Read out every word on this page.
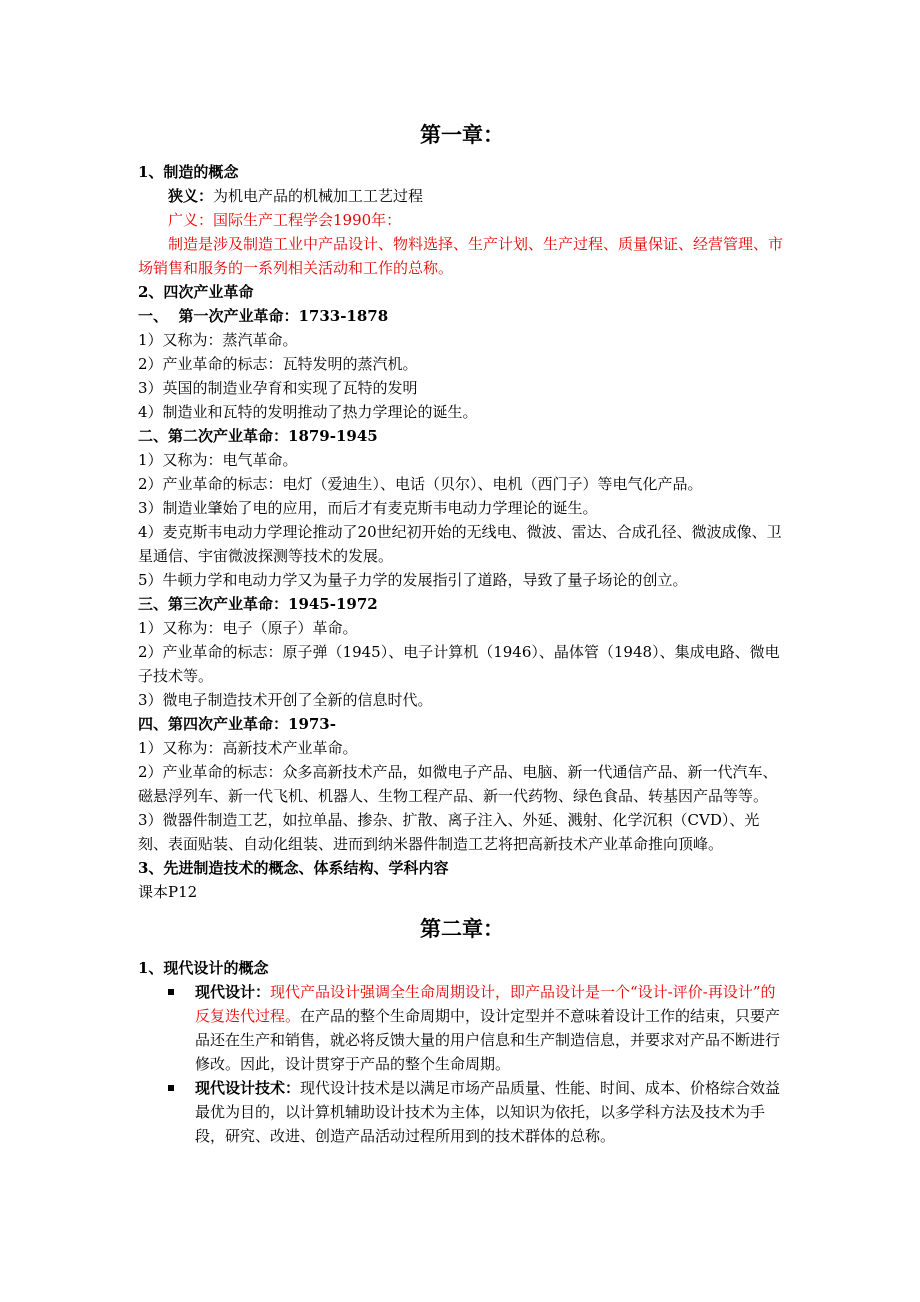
第一章：

1、制造的概念

狭义：为机电产品的机械加工工艺过程

广义：国际生产工程学会1990年：

制造是涉及制造工业中产品设计、物料选择、生产计划、生产过程、质量保证、经营管理、市场销售和服务的一系列相关活动和工作的总称。

2、四次产业革命

一、  第一次产业革命：1733-1878

1）又称为：蒸汽革命。

2）产业革命的标志：瓦特发明的蒸汽机。

3）英国的制造业孕育和实现了瓦特的发明

4）制造业和瓦特的发明推动了热力学理论的诞生。

二、第二次产业革命：1879-1945

1）又称为：电气革命。

2）产业革命的标志：电灯（爱迪生）、电话（贝尔）、电机（西门子）等电气化产品。

3）制造业肇始了电的应用，而后才有麦克斯韦电动力学理论的诞生。

4）麦克斯韦电动力学理论推动了20世纪初开始的无线电、微波、雷达、合成孔径、微波成像、卫星通信、宇宙微波探测等技术的发展。

5）牛顿力学和电动力学又为量子力学的发展指引了道路，导致了量子场论的创立。

三、第三次产业革命：1945-1972

1）又称为：电子（原子）革命。

2）产业革命的标志：原子弹（1945）、电子计算机（1946）、晶体管（1948）、集成电路、微电子技术等。

3）微电子制造技术开创了全新的信息时代。

四、第四次产业革命：1973-

1）又称为：高新技术产业革命。

2）产业革命的标志：众多高新技术产品，如微电子产品、电脑、新一代通信产品、新一代汽车、磁悬浮列车、新一代飞机、机器人、生物工程产品、新一代药物、绿色食品、转基因产品等等。

3）微器件制造工艺，如拉单晶、掺杂、扩散、离子注入、外延、溅射、化学沉积（CVD）、光刻、表面贴装、自动化组装、进而到纳米器件制造工艺将把高新技术产业革命推向顶峰。

3、先进制造技术的概念、体系结构、学科内容

课本P12

第二章：

1、现代设计的概念

现代设计：现代产品设计强调全生命周期设计，即产品设计是一个“设计-评价-再设计”的反复迭代过程。在产品的整个生命周期中，设计定型并不意味着设计工作的结束，只要产品还在生产和销售，就必将反馈大量的用户信息和生产制造信息，并要求对产品不断进行修改。因此，设计贯穿于产品的整个生命周期。
现代设计技术：现代设计技术是以满足市场产品质量、性能、时间、成本、价格综合效益最优为目的，以计算机辅助设计技术为主体，以知识为依托，以多学科方法及技术为手段，研究、改进、创造产品活动过程所用到的技术群体的总称。
